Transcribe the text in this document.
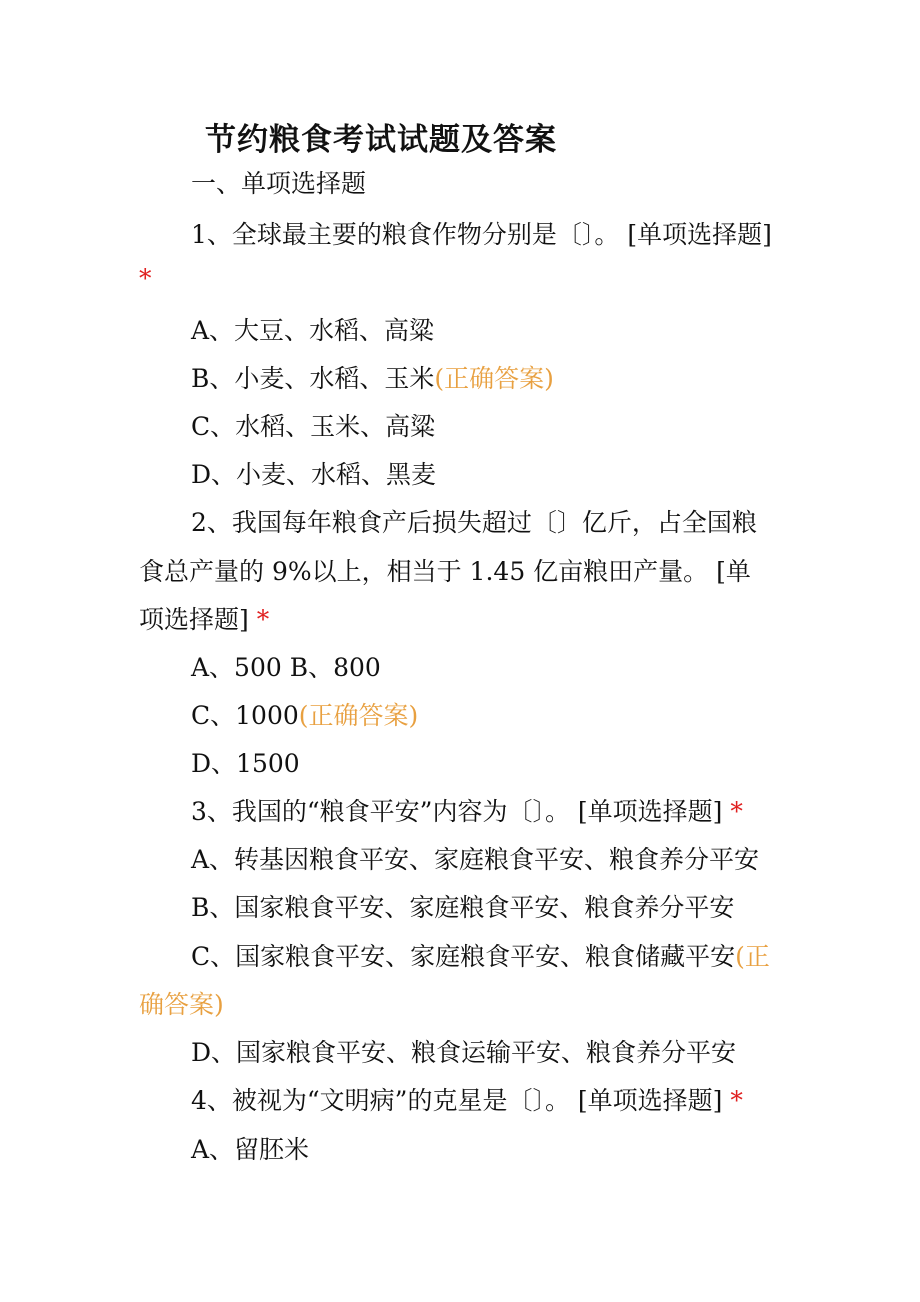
节约粮食考试试题及答案
一、单项选择题
1、全球最主要的粮食作物分别是〔〕。 [单项选择题]
*
A、大豆、水稻、高粱
B、小麦、水稻、玉米(正确答案)
C、水稻、玉米、高粱
D、小麦、水稻、黑麦
2、我国每年粮食产后损失超过〔〕亿斤，占全国粮
食总产量的 9%以上，相当于 1.45 亿亩粮田产量。 [单
项选择题] *
A、500 B、800
C、1000(正确答案)
D、1500
3、我国的“粮食平安”内容为〔〕。 [单项选择题] *
A、转基因粮食平安、家庭粮食平安、粮食养分平安
B、国家粮食平安、家庭粮食平安、粮食养分平安
C、国家粮食平安、家庭粮食平安、粮食储藏平安(正
确答案)
D、国家粮食平安、粮食运输平安、粮食养分平安
4、被视为“文明病”的克星是〔〕。 [单项选择题] *
A、留胚米
